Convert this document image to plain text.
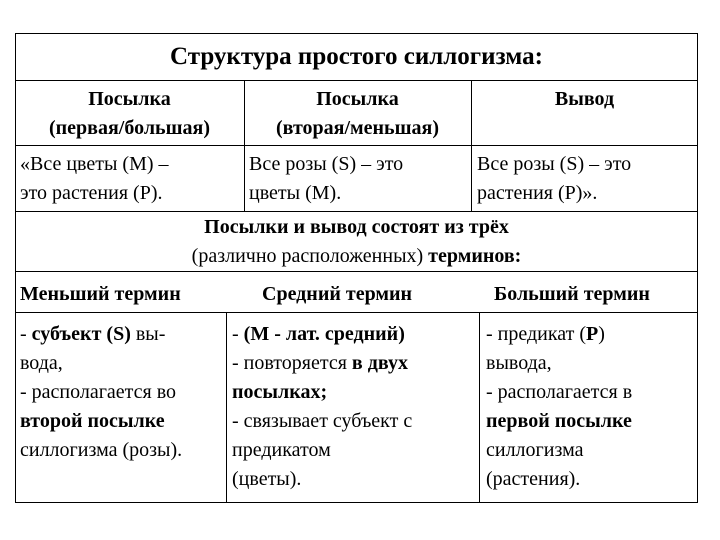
Структура простого силлогизма:
Посылка
(первая/большая)
Посылка
(вторая/меньшая)
Вывод
«Все цветы (М) –
это растения (Р).
Все розы (S) – это
цветы (М).
Все розы (S) – это
растения (Р)».
Посылки и вывод состоят из трёх
(различно расположенных) терминов:
Меньший термин	Средний термин	Больший термин
- субъект (S) вы-
вода,
- располагается во
второй посылке
силлогизма (розы).
- (М - лат. средний)
- повторяется в двух
посылках;
- связывает субъект с
предикатом
(цветы).
- предикат (Р)
вывода,
- располагается в
первой посылке
силлогизма
(растения).
